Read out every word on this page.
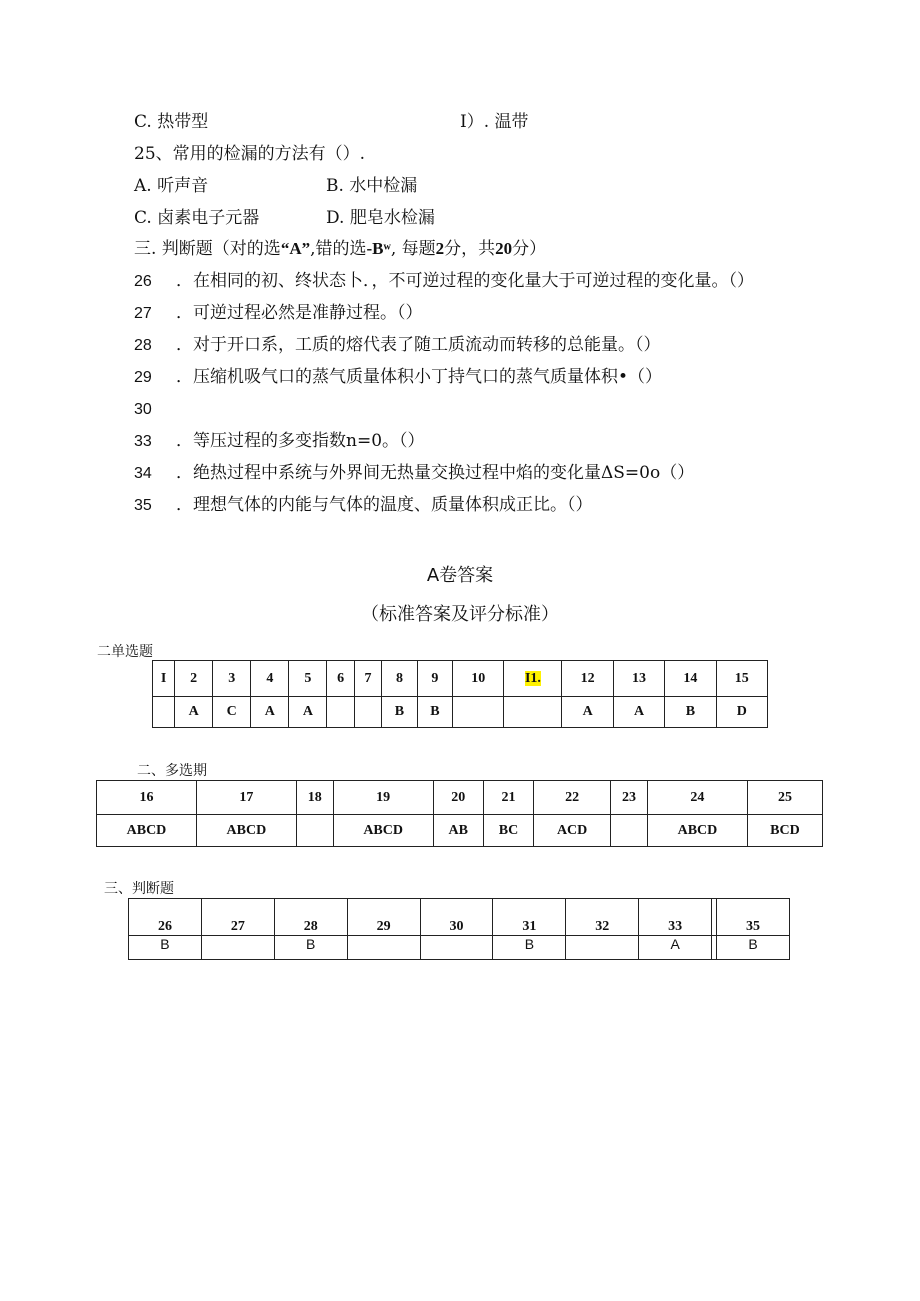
C. 热带型	I）. 温带
25、常用的检漏的方法有（）.
A. 听声音	B. 水中检漏
C. 卤素电子元器	D. 肥皂水检漏
三. 判断题（对的选“A”,错的选-Bʷ, 每题2分，共20分）
26 ．在相同的初、终状态卜．，不可逆过程的变化量大于可逆过程的变化量。（）
27 ．可逆过程必然是准静过程。（）
28 ．对于开口系，工质的熔代表了随工质流动而转移的总能量。（）
29 ．压缩机吸气口的蒸气质量体积小丁持气口的蒸气质量体积•（）
30
33 ．等压过程的多变指数n=0。（）
34 ．绝热过程中系统与外界间无热量交换过程中焰的变化量ΔS=0o（）
35 ．理想气体的内能与气体的温度、质量体积成正比。（）
A卷答案
（标准答案及评分标准）
二单选题
I	2	3	4	5	6	7	8	9	10	I1.	12	13	14	15
	A	C	A	A			B	B			A	A	B	D
二、多选期
16	17	18	19	20	21	22	23	24	25
ABCD	ABCD		ABCD	AB	BC	ACD		ABCD	BCD
三、判断题
26	27	28	29	30	31	32	33		35
B		B			B		A		B
